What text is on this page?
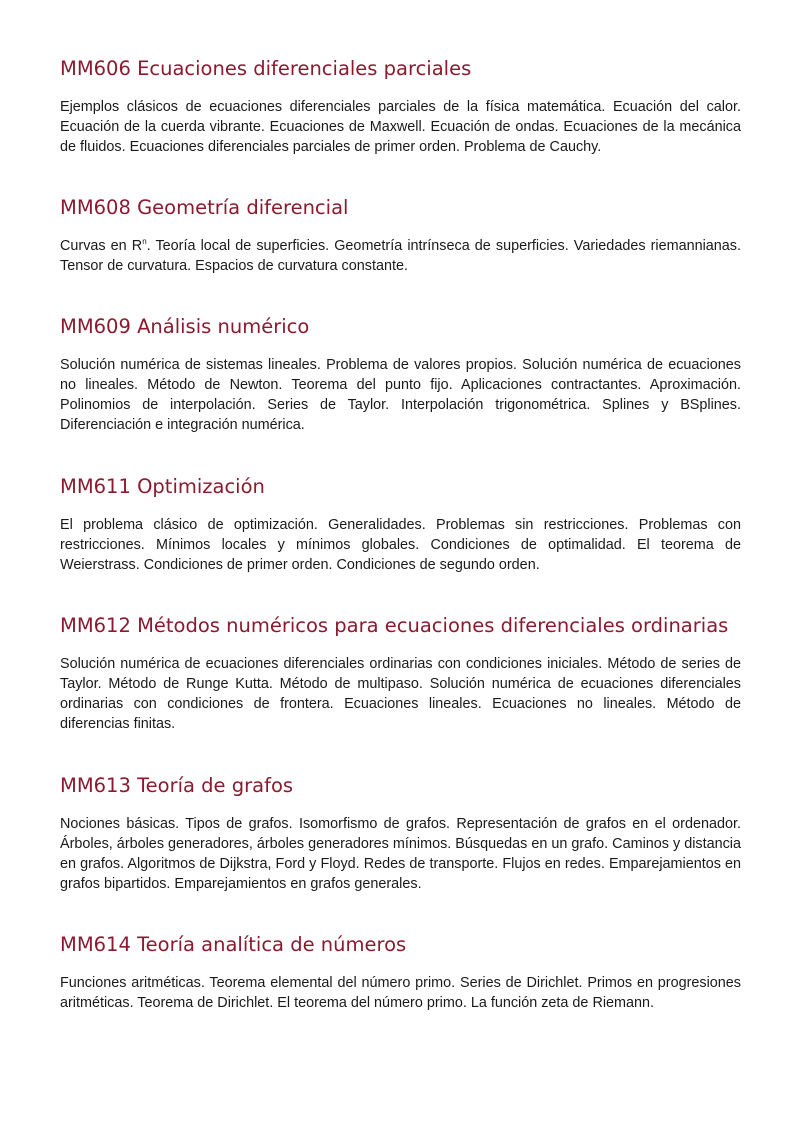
MM606 Ecuaciones diferenciales parciales

Ejemplos clásicos de ecuaciones diferenciales parciales de la física matemática. Ecuación del calor. Ecuación de la cuerda vibrante. Ecuaciones de Maxwell. Ecuación de ondas. Ecuaciones de la mecánica de fluidos. Ecuaciones diferenciales parciales de primer orden. Problema de Cauchy.

MM608 Geometría diferencial

Curvas en $R^n$. Teoría local de superficies. Geometría intrínseca de superficies. Variedades riemannianas. Tensor de curvatura. Espacios de curvatura constante.

MM609 Análisis numérico

Solución numérica de sistemas lineales. Problema de valores propios. Solución numérica de ecuaciones no lineales. Método de Newton. Teorema del punto fijo. Aplicaciones contractantes. Aproximación. Polinomios de interpolación. Series de Taylor. Interpolación trigonométrica. Splines y BSplines. Diferenciación e integración numérica.

MM611 Optimización

El problema clásico de optimización. Generalidades. Problemas sin restricciones. Problemas con restricciones. Mínimos locales y mínimos globales. Condiciones de optimalidad. El teorema de Weierstrass. Condiciones de primer orden. Condiciones de segundo orden.

MM612 Métodos numéricos para ecuaciones diferenciales ordinarias

Solución numérica de ecuaciones diferenciales ordinarias con condiciones iniciales. Método de series de Taylor. Método de Runge Kutta. Método de multipaso. Solución numérica de ecuaciones diferenciales ordinarias con condiciones de frontera. Ecuaciones lineales. Ecuaciones no lineales. Método de diferencias finitas.

MM613 Teoría de grafos

Nociones básicas. Tipos de grafos. Isomorfismo de grafos. Representación de grafos en el ordenador. Árboles, árboles generadores, árboles generadores mínimos. Búsquedas en un grafo. Caminos y distancia en grafos. Algoritmos de Dijkstra, Ford y Floyd. Redes de transporte. Flujos en redes. Emparejamientos en grafos bipartidos. Emparejamientos en grafos generales.

MM614 Teoría analítica de números

Funciones aritméticas. Teorema elemental del número primo. Series de Dirichlet. Primos en progresiones aritméticas. Teorema de Dirichlet. El teorema del número primo. La función zeta de Riemann.
